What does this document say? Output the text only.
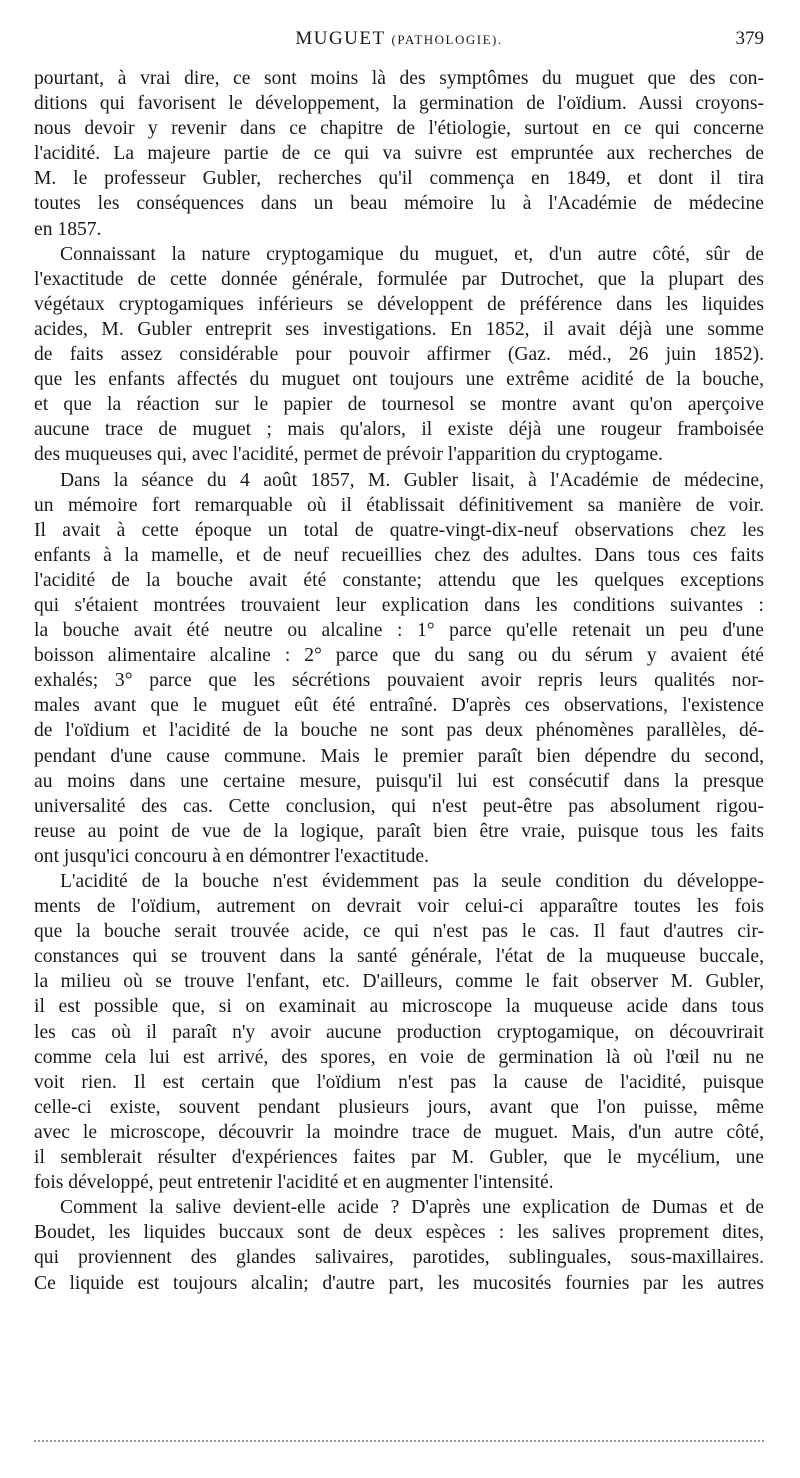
MUGUET (PATHOLOGIE).	379
pourtant, à vrai dire, ce sont moins là des symptômes du muguet que des con-
ditions qui favorisent le développement, la germination de l'oïdium. Aussi croyons-
nous devoir y revenir dans ce chapitre de l'étiologie, surtout en ce qui concerne
l'acidité. La majeure partie de ce qui va suivre est empruntée aux recherches de
M. le professeur Gubler, recherches qu'il commença en 1849, et dont il tira
toutes les conséquences dans un beau mémoire lu à l'Académie de médecine
en 1857.
Connaissant la nature cryptogamique du muguet, et, d'un autre côté, sûr de
l'exactitude de cette donnée générale, formulée par Dutrochet, que la plupart des
végétaux cryptogamiques inférieurs se développent de préférence dans les liquides
acides, M. Gubler entreprit ses investigations. En 1852, il avait déjà une somme
de faits assez considérable pour pouvoir affirmer (Gaz. méd., 26 juin 1852).
que les enfants affectés du muguet ont toujours une extrême acidité de la bouche,
et que la réaction sur le papier de tournesol se montre avant qu'on aperçoive
aucune trace de muguet ; mais qu'alors, il existe déjà une rougeur framboisée
des muqueuses qui, avec l'acidité, permet de prévoir l'apparition du cryptogame.
Dans la séance du 4 août 1857, M. Gubler lisait, à l'Académie de médecine,
un mémoire fort remarquable où il établissait définitivement sa manière de voir.
Il avait à cette époque un total de quatre-vingt-dix-neuf observations chez les
enfants à la mamelle, et de neuf recueillies chez des adultes. Dans tous ces faits
l'acidité de la bouche avait été constante; attendu que les quelques exceptions
qui s'étaient montrées trouvaient leur explication dans les conditions suivantes :
la bouche avait été neutre ou alcaline : 1° parce qu'elle retenait un peu d'une
boisson alimentaire alcaline : 2° parce que du sang ou du sérum y avaient été
exhalés; 3° parce que les sécrétions pouvaient avoir repris leurs qualités nor-
males avant que le muguet eût été entraîné. D'après ces observations, l'existence
de l'oïdium et l'acidité de la bouche ne sont pas deux phénomènes parallèles, dé-
pendant d'une cause commune. Mais le premier paraît bien dépendre du second,
au moins dans une certaine mesure, puisqu'il lui est consécutif dans la presque
universalité des cas. Cette conclusion, qui n'est peut-être pas absolument rigou-
reuse au point de vue de la logique, paraît bien être vraie, puisque tous les faits
ont jusqu'ici concouru à en démontrer l'exactitude.
L'acidité de la bouche n'est évidemment pas la seule condition du développe-
ments de l'oïdium, autrement on devrait voir celui-ci apparaître toutes les fois
que la bouche serait trouvée acide, ce qui n'est pas le cas. Il faut d'autres cir-
constances qui se trouvent dans la santé générale, l'état de la muqueuse buccale,
la milieu où se trouve l'enfant, etc. D'ailleurs, comme le fait observer M. Gubler,
il est possible que, si on examinait au microscope la muqueuse acide dans tous
les cas où il paraît n'y avoir aucune production cryptogamique, on découvrirait
comme cela lui est arrivé, des spores, en voie de germination là où l'œil nu ne
voit rien. Il est certain que l'oïdium n'est pas la cause de l'acidité, puisque
celle-ci existe, souvent pendant plusieurs jours, avant que l'on puisse, même
avec le microscope, découvrir la moindre trace de muguet. Mais, d'un autre côté,
il semblerait résulter d'expériences faites par M. Gubler, que le mycélium, une
fois développé, peut entretenir l'acidité et en augmenter l'intensité.
Comment la salive devient-elle acide ? D'après une explication de Dumas et de
Boudet, les liquides buccaux sont de deux espèces : les salives proprement dites,
qui proviennent des glandes salivaires, parotides, sublinguales, sous-maxillaires.
Ce liquide est toujours alcalin; d'autre part, les mucosités fournies par les autres
